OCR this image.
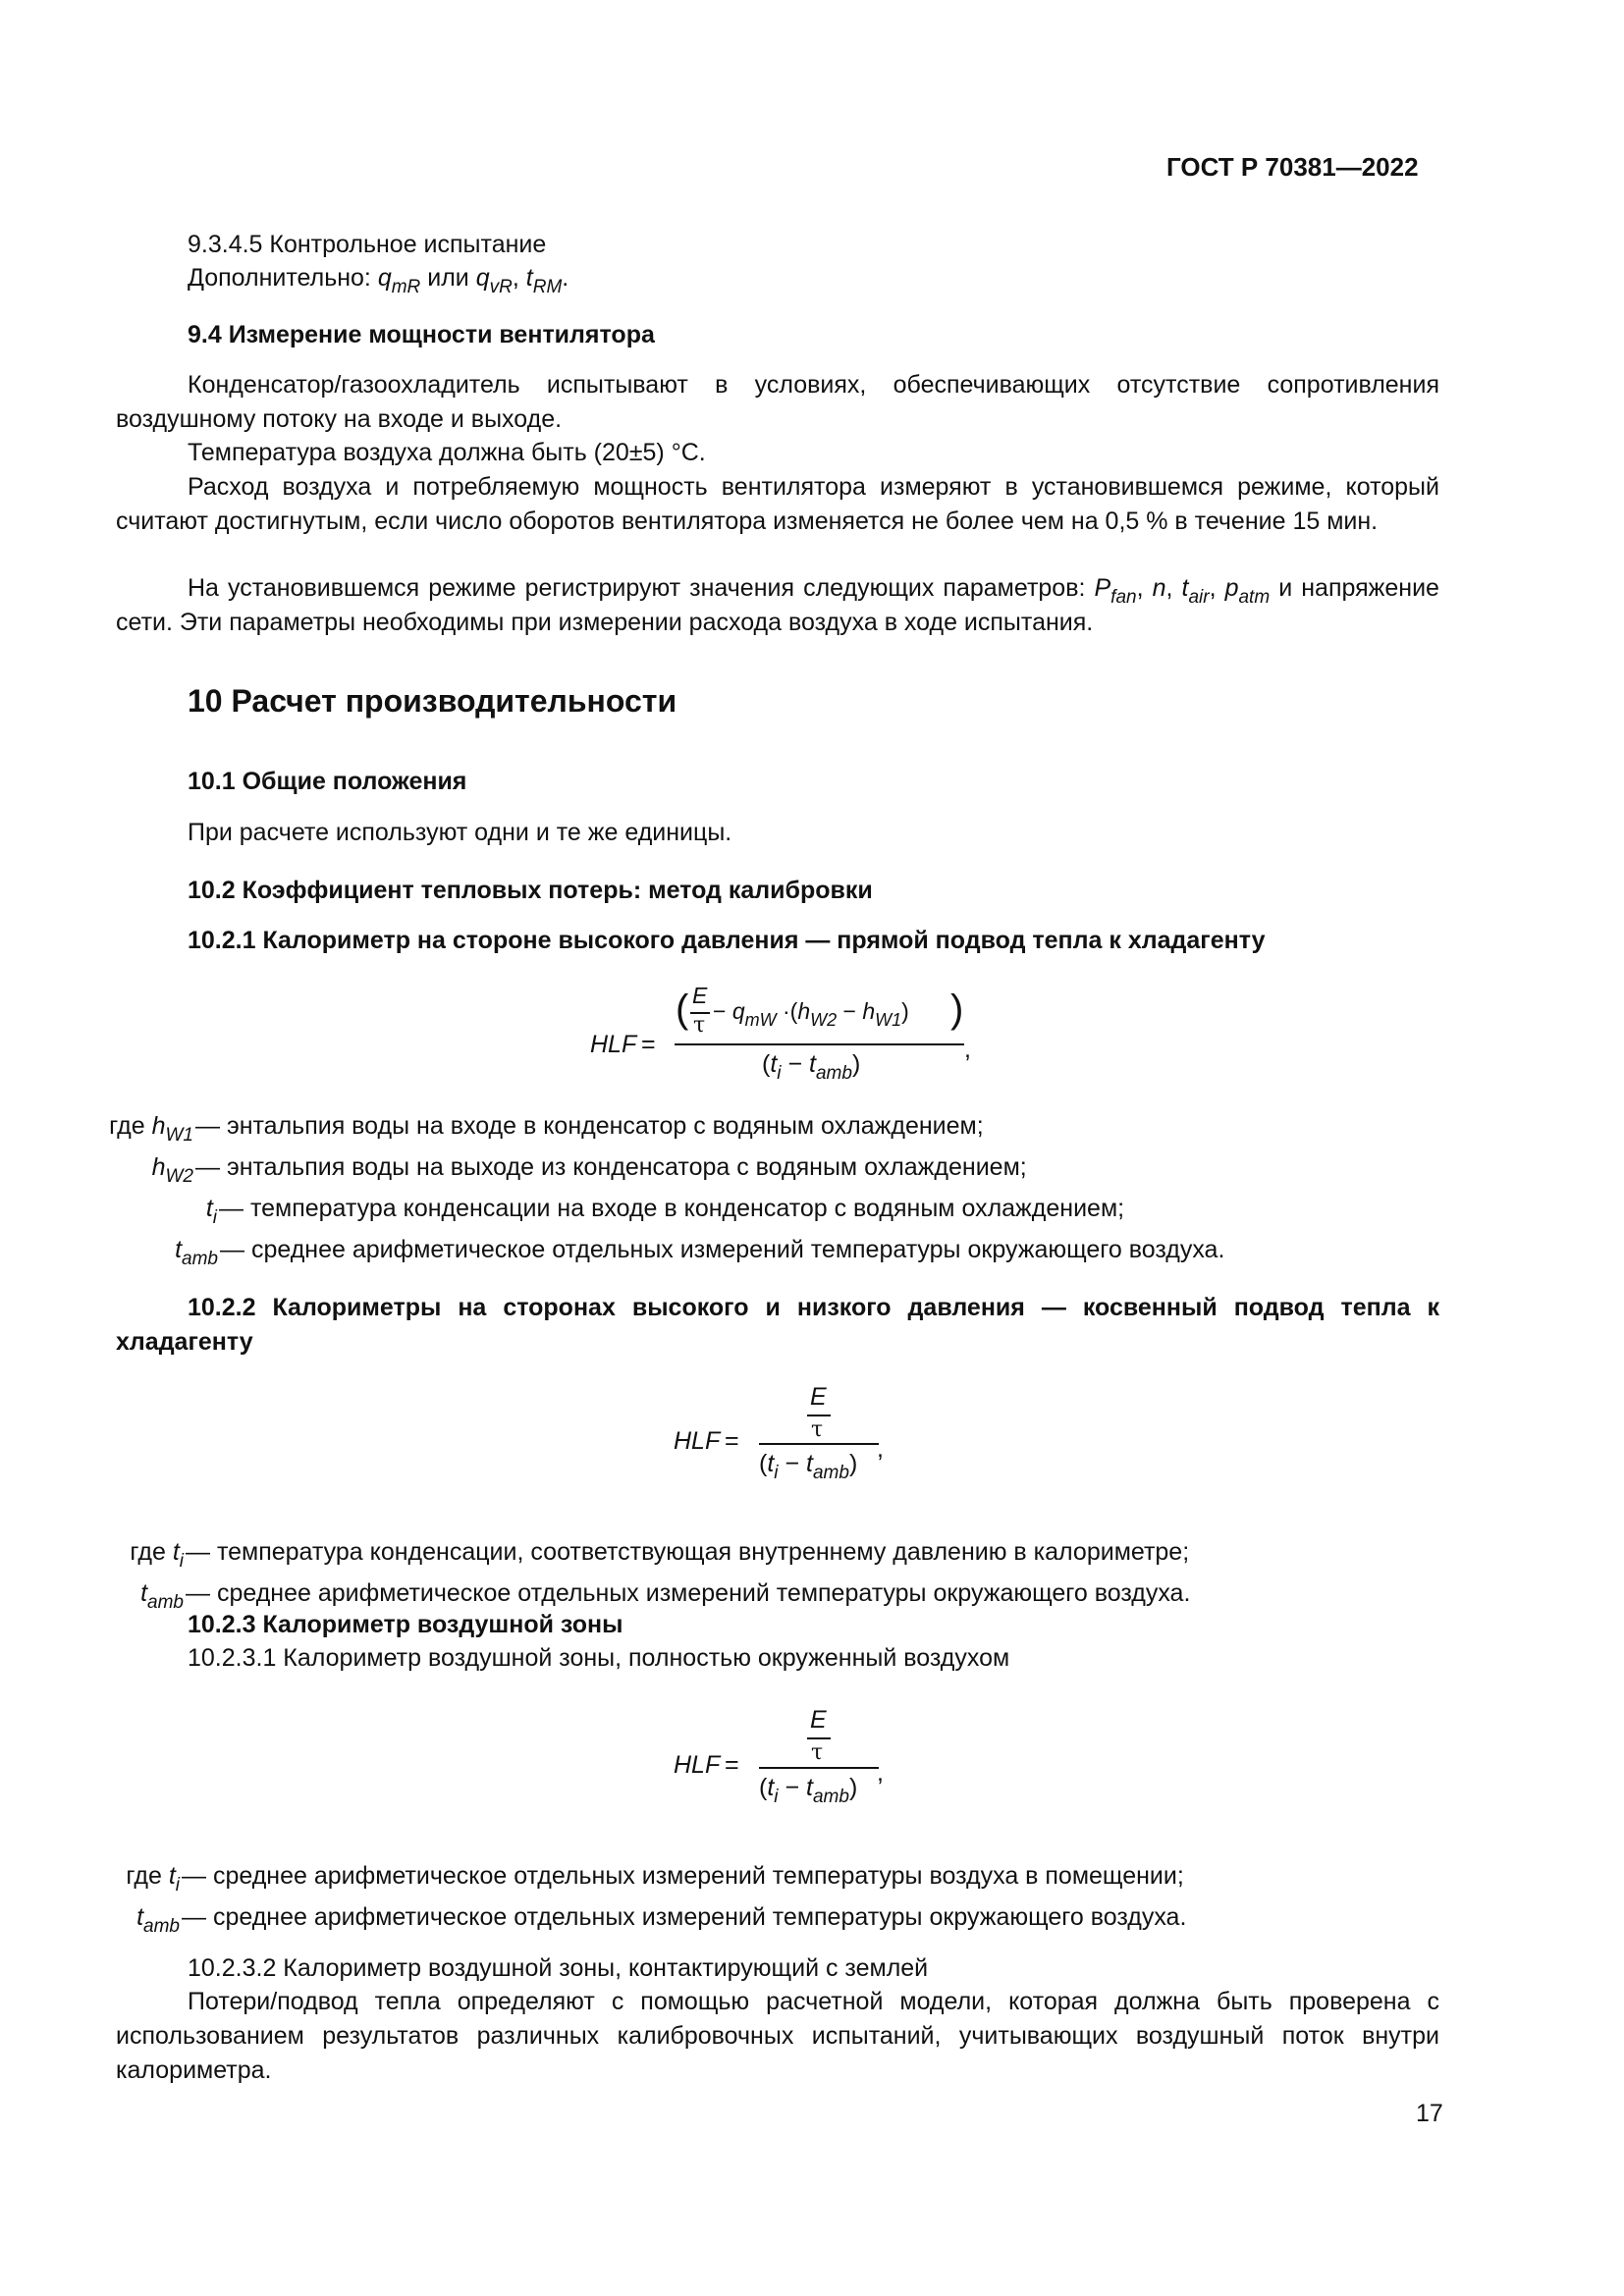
ГОСТ Р 70381—2022
9.3.4.5 Контрольное испытание
Дополнительно: $q_{mR}$ или $q_{vR}$, $t_{RM}$.
9.4 Измерение мощности вентилятора
Конденсатор/газоохладитель испытывают в условиях, обеспечивающих отсутствие сопротивления воздушному потоку на входе и выходе.
Температура воздуха должна быть (20±5) °C.
Расход воздуха и потребляемую мощность вентилятора измеряют в установившемся режиме, который считают достигнутым, если число оборотов вентилятора изменяется не более чем на 0,5 % в течение 15 мин.
На установившемся режиме регистрируют значения следующих параметров: $P_{fan}$, n, $t_{air}$, $p_{atm}$ и напряжение сети. Эти параметры необходимы при измерении расхода воздуха в ходе испытания.
10 Расчет производительности
10.1 Общие положения
При расчете используют одни и те же единицы.
10.2 Коэффициент тепловых потерь: метод калибровки
10.2.1 Калориметр на стороне высокого давления — прямой подвод тепла к хладагенту
HLF =
(	)
E
τ
− $q_{mW} \cdot(h_{W2} - h_{W1})$
$(t_i - t_{amb})$
,
где $h_{W1}$ — энтальпия воды на входе в конденсатор с водяным охлаждением;
$h_{W2}$ — энтальпия воды на выходе из конденсатора с водяным охлаждением;
$t_i$ — температура конденсации на входе в конденсатор с водяным охлаждением;
$t_{amb}$ — среднее арифметическое отдельных измерений температуры окружающего воздуха.
10.2.2 Калориметры на сторонах высокого и низкого давления — косвенный подвод тепла к хладагенту
HLF =
E
τ
$(t_i - t_{amb})$
,
где $t_i$ — температура конденсации, соответствующая внутреннему давлению в калориметре;
$t_{amb}$ — среднее арифметическое отдельных измерений температуры окружающего воздуха.
10.2.3 Калориметр воздушной зоны
10.2.3.1 Калориметр воздушной зоны, полностью окруженный воздухом
HLF =
E
τ
$(t_i - t_{amb})$
,
где $t_i$ — среднее арифметическое отдельных измерений температуры воздуха в помещении;
$t_{amb}$ — среднее арифметическое отдельных измерений температуры окружающего воздуха.
10.2.3.2 Калориметр воздушной зоны, контактирующий с землей
Потери/подвод тепла определяют с помощью расчетной модели, которая должна быть проверена с использованием результатов различных калибровочных испытаний, учитывающих воздушный поток внутри калориметра.
17
